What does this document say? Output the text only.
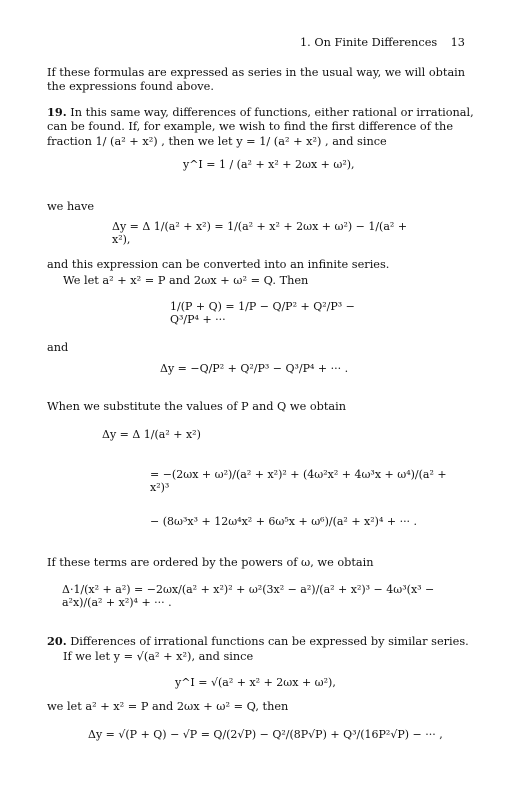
1. On Finite Differences 13
If these formulas are expressed as series in the usual way, we will obtain
the expressions found above.
19. In this same way, differences of functions, either rational or irrational,
can be found. If, for example, we wish to find the first difference of the
fraction 1/ (a² + x²) , then we let y = 1/ (a² + x²) , and since
y^I = 1 / (a² + x² + 2ωx + ω²),
we have
Δy = Δ 1/(a² + x²) = 1/(a² + x² + 2ωx + ω²) − 1/(a² + x²),
and this expression can be converted into an infinite series.
We let a² + x² = P and 2ωx + ω² = Q. Then
1/(P + Q) = 1/P − Q/P² + Q²/P³ − Q³/P⁴ + ···
and
Δy = −Q/P² + Q²/P³ − Q³/P⁴ + ··· .
When we substitute the values of P and Q we obtain
Δy = Δ 1/(a² + x²)
= −(2ωx + ω²)/(a² + x²)² + (4ω²x² + 4ω³x + ω⁴)/(a² + x²)³
− (8ω³x³ + 12ω⁴x² + 6ω⁵x + ω⁶)/(a² + x²)⁴ + ··· .
If these terms are ordered by the powers of ω, we obtain
Δ·1/(x² + a²) = −2ωx/(a² + x²)² + ω²(3x² − a²)/(a² + x²)³ − 4ω³(x³ − a²x)/(a² + x²)⁴ + ··· .
20. Differences of irrational functions can be expressed by similar series.
If we let y = √(a² + x²), and since
y^I = √(a² + x² + 2ωx + ω²),
we let a² + x² = P and 2ωx + ω² = Q, then
Δy = √(P + Q) − √P = Q/(2√P) − Q²/(8P√P) + Q³/(16P²√P) − ··· ,
